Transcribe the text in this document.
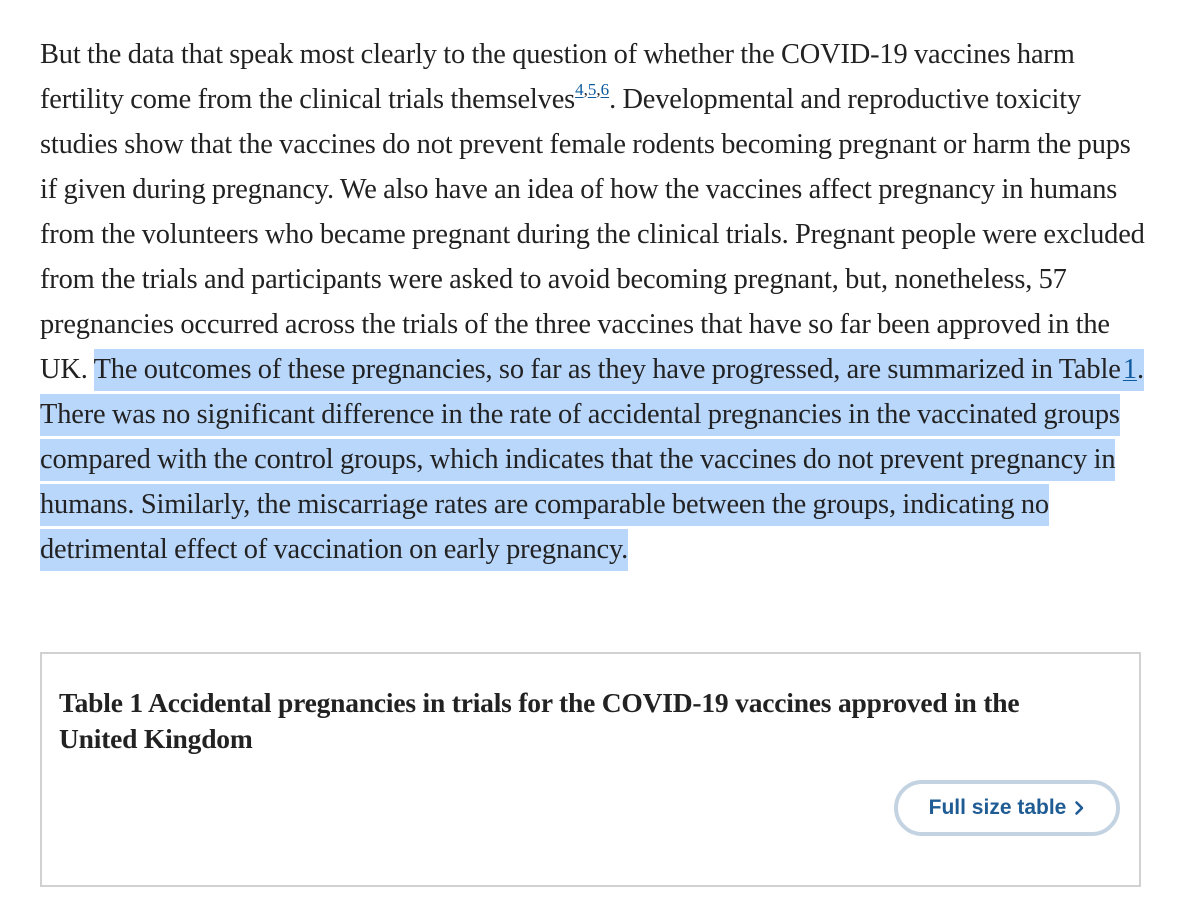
But the data that speak most clearly to the question of whether the COVID-19 vaccines harm fertility come from the clinical trials themselves$^{4,5,6}$. Developmental and reproductive toxicity studies show that the vaccines do not prevent female rodents becoming pregnant or harm the pups if given during pregnancy. We also have an idea of how the vaccines affect pregnancy in humans from the volunteers who became pregnant during the clinical trials. Pregnant people were excluded from the trials and participants were asked to avoid becoming pregnant, but, nonetheless, 57 pregnancies occurred across the trials of the three vaccines that have so far been approved in the UK. The outcomes of these pregnancies, so far as they have progressed, are summarized in Table 1. There was no significant difference in the rate of accidental pregnancies in the vaccinated groups compared with the control groups, which indicates that the vaccines do not prevent pregnancy in humans. Similarly, the miscarriage rates are comparable between the groups, indicating no detrimental effect of vaccination on early pregnancy.

Table 1 Accidental pregnancies in trials for the COVID-19 vaccines approved in the United Kingdom
Full size table
